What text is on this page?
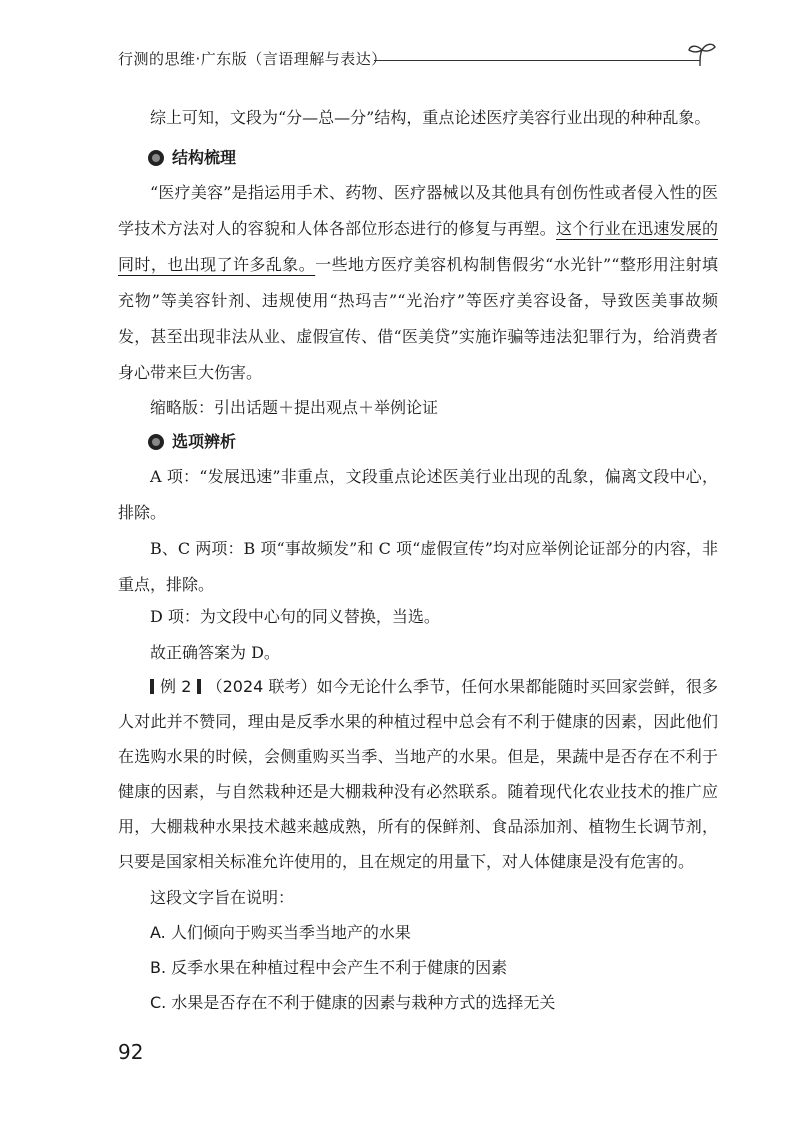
行测的思维·广东版（言语理解与表达）

综上可知，文段为“分—总—分”结构，重点论述医疗美容行业出现的种种乱象。

结构梳理

“医疗美容”是指运用手术、药物、医疗器械以及其他具有创伤性或者侵入性的医学技术方法对人的容貌和人体各部位形态进行的修复与再塑。这个行业在迅速发展的同时，也出现了许多乱象。一些地方医疗美容机构制售假劣“水光针”“整形用注射填充物”等美容针剂、违规使用“热玛吉”“光治疗”等医疗美容设备，导致医美事故频发，甚至出现非法从业、虚假宣传、借“医美贷”实施诈骗等违法犯罪行为，给消费者身心带来巨大伤害。

缩略版：引出话题＋提出观点＋举例论证

选项辨析

A 项：“发展迅速”非重点，文段重点论述医美行业出现的乱象，偏离文段中心，排除。

B、C 两项：B 项“事故频发”和 C 项“虚假宣传”均对应举例论证部分的内容，非重点，排除。

D 项：为文段中心句的同义替换，当选。

故正确答案为 D。

例 2 （2024 联考）如今无论什么季节，任何水果都能随时买回家尝鲜，很多人对此并不赞同，理由是反季水果的种植过程中总会有不利于健康的因素，因此他们在选购水果的时候，会侧重购买当季、当地产的水果。但是，果蔬中是否存在不利于健康的因素，与自然栽种还是大棚栽种没有必然联系。随着现代化农业技术的推广应用，大棚栽种水果技术越来越成熟，所有的保鲜剂、食品添加剂、植物生长调节剂，只要是国家相关标准允许使用的，且在规定的用量下，对人体健康是没有危害的。

这段文字旨在说明：

A. 人们倾向于购买当季当地产的水果

B. 反季水果在种植过程中会产生不利于健康的因素

C. 水果是否存在不利于健康的因素与栽种方式的选择无关

92
